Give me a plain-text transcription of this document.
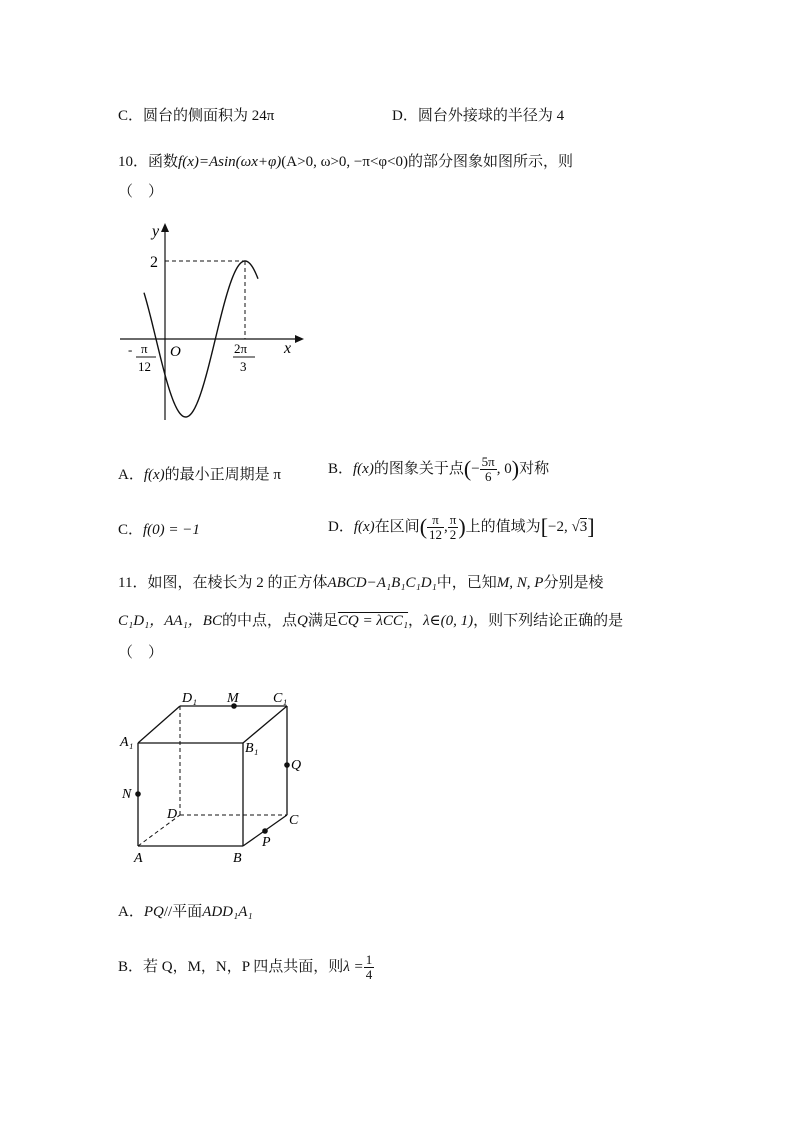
C．圆台的侧面积为 24π	D．圆台外接球的半径为 4
10．函数f(x)=Asin(ωx+φ)(A>0, ω>0, −π<φ<0)的部分图象如图所示，则
（　）
y
x
O
2
- π
12
2π
3
A．f(x)的最小正周期是 π	B．f(x)的图象关于点(− $\frac{5\pi}{6}$ , 0)对称
C．f(0) = −1	D．f(x)在区间( $\frac{\pi}{12}$ , $\frac{\pi}{2}$ )上的值域为[−2, √3]
11．如图，在棱长为 2 的正方体ABCD−A₁B₁C₁D₁中，已知M, N, P分别是棱
C₁D₁，AA₁，BC的中点，点Q满足CQ = λCC₁，λ∈(0, 1)，则下列结论正确的是
（　）
D₁ M C₁
A₁	B₁
Q
N
D	C
P
A	B
A．PQ//平面ADD₁A₁
B．若 Q，M，N，P 四点共面，则$\lambda = \frac{1}{4}$
